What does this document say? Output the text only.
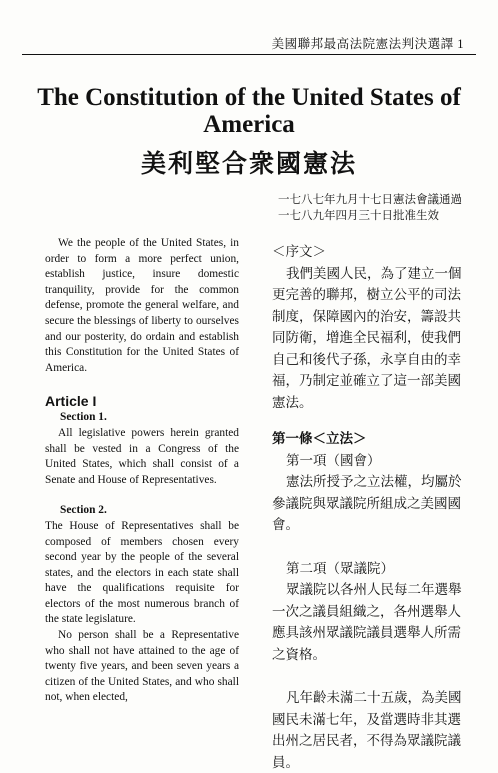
美國聯邦最高法院憲法判決選譯 1
The Constitution of the United States of America
美利堅合衆國憲法
一七八七年九月十七日憲法會議通過
一七八九年四月三十日批准生效

We the people of the United States, in order to form a more perfect union, establish justice, insure domestic tranquility, provide for the common defense, promote the general welfare, and secure the blessings of liberty to ourselves and our posterity, do ordain and establish this Constitution for the United States of America.

Article I

Section 1.

All legislative powers herein granted shall be vested in a Congress of the United States, which shall consist of a Senate and House of Representatives.

Section 2.

The House of Representatives shall be composed of members chosen every second year by the people of the several states, and the electors in each state shall have the qualifications requisite for electors of the most numerous branch of the state legislature.

No person shall be a Representative who shall not have attained to the age of twenty five years, and been seven years a citizen of the United States, and who shall not, when elected,

＜序文＞

我們美國人民，為了建立一個更完善的聯邦，樹立公平的司法制度，保障國內的治安，籌設共同防衛，增進全民福利，使我們自己和後代子孫，永享自由的幸福，乃制定並確立了這一部美國憲法。

第一條＜立法＞

第一項（國會）

憲法所授予之立法權，均屬於參議院與眾議院所組成之美國國會。

第二項（眾議院）

眾議院以各州人民每二年選舉一次之議員組織之，各州選舉人應具該州眾議院議員選舉人所需之資格。

凡年齡未滿二十五歲，為美國國民未滿七年，及當選時非其選出州之居民者，不得為眾議院議員。
